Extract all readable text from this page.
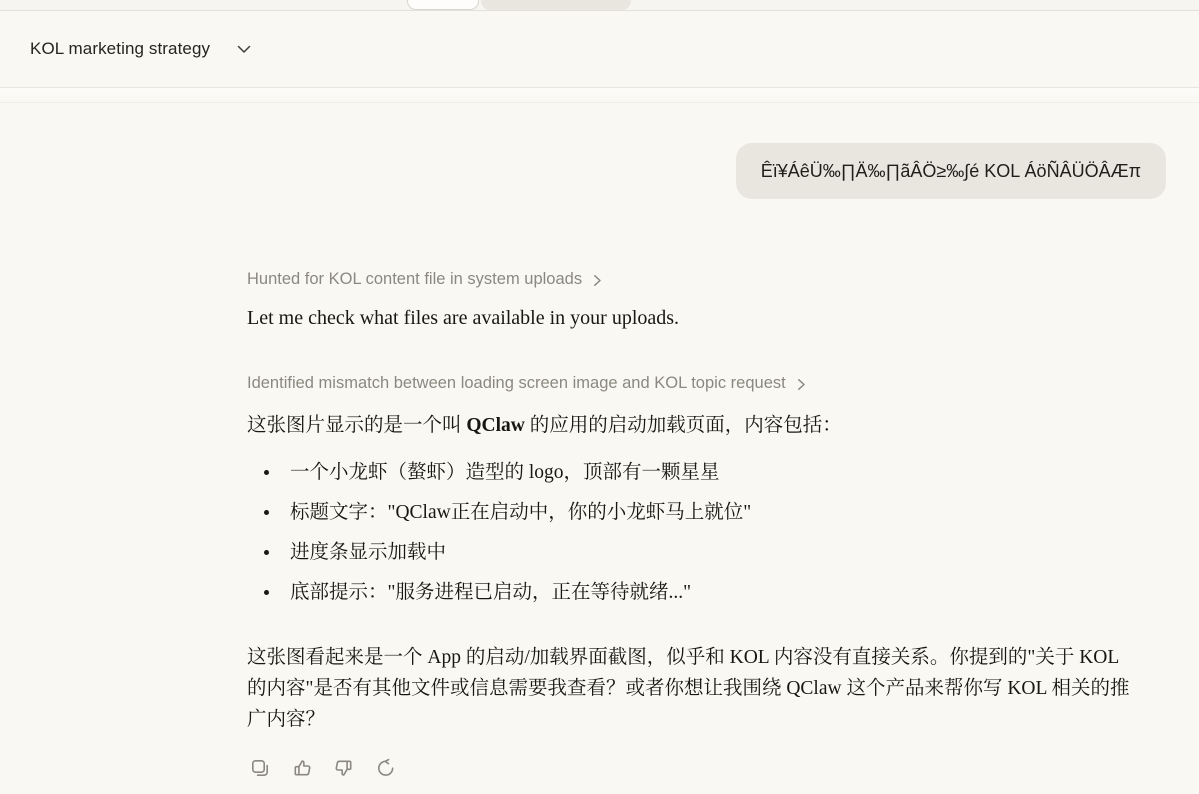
KOL marketing strategy
Êï¥ÁêÜ‰∏Ä‰∏ãÂÖ≥‰∫é KOL ÁöÑÂÜÖÂÆπ
Hunted for KOL content file in system uploads

Let me check what files are available in your uploads.

Identified mismatch between loading screen image and KOL topic request

这张图片显示的是一个叫 QClaw 的应用的启动加载页面，内容包括：

一个小龙虾（螯虾）造型的 logo，顶部有一颗星星
标题文字："QClaw正在启动中，你的小龙虾马上就位"
进度条显示加载中
底部提示："服务进程已启动，正在等待就绪..."

这张图看起来是一个 App 的启动/加载界面截图，似乎和 KOL 内容没有直接关系。你提到的"关于 KOL 的内容"是否有其他文件或信息需要我查看？或者你想让我围绕 QClaw 这个产品来帮你写 KOL 相关的推广内容？
